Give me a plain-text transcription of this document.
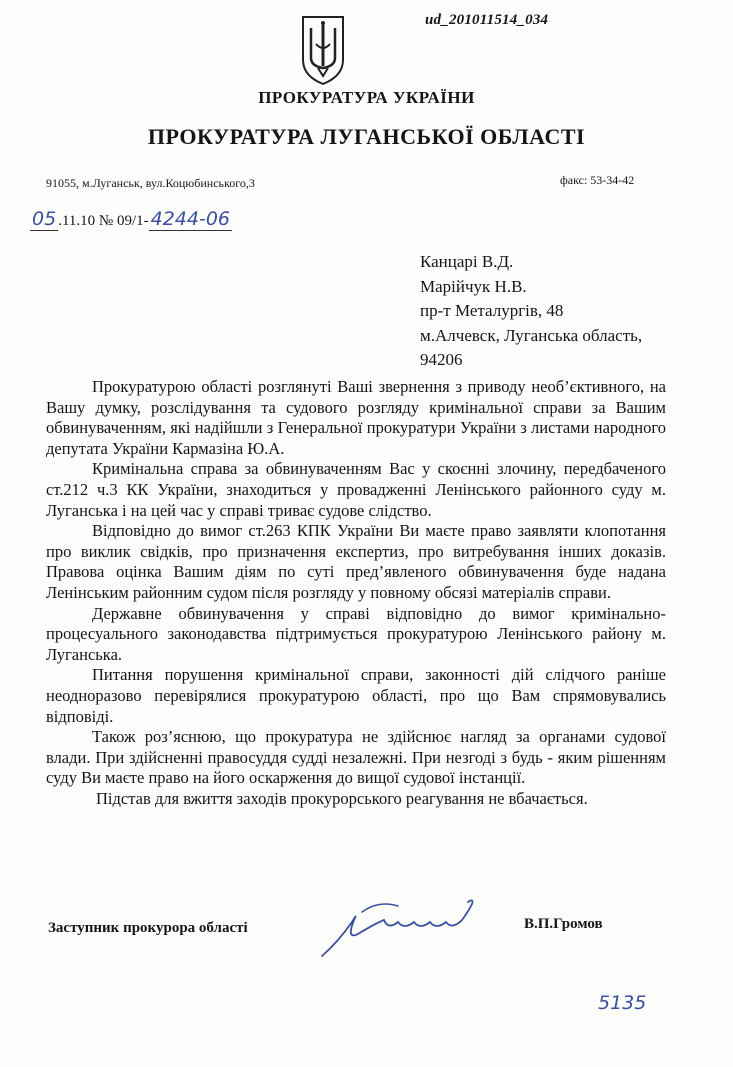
ud_201011514_034
ПРОКУРАТУРА УКРАЇНИ
ПРОКУРАТУРА ЛУГАНСЬКОЇ ОБЛАСТІ
91055, м.Луганськ, вул.Коцюбинського,3	факс: 53-34-42
05 .11.10 № 09/1- 4244-06
Канцарі В.Д.
Марійчук Н.В.
пр-т Металургів, 48
м.Алчевск, Луганська область,
94206

Прокуратурою області розглянуті Ваші звернення з приводу необ’єктивного, на Вашу думку, розслідування та судового розгляду кримінальної справи за Вашим обвинуваченням, які надійшли з Генеральної прокуратури України з листами народного депутата України Кармазіна Ю.А.

Кримінальна справа за обвинуваченням Вас у скоєнні злочину, передбаченого ст.212 ч.3 КК України, знаходиться у провадженні Ленінського районного суду м. Луганська і на цей час у справі триває судове слідство.

Відповідно до вимог ст.263 КПК України Ви маєте право заявляти клопотання про виклик свідків, про призначення експертиз, про витребування інших доказів. Правова оцінка Вашим діям по суті пред’явленого обвинувачення буде надана Ленінським районним судом після розгляду у повному обсязі матеріалів справи.

Державне обвинувачення у справі відповідно до вимог кримінально-процесуального законодавства підтримується прокуратурою Ленінського району м. Луганська.

Питання порушення кримінальної справи, законності дій слідчого раніше неодноразово перевірялися прокуратурою області, про що Вам спрямовувались відповіді.

Також роз’яснюю, що прокуратура не здійснює нагляд за органами судової влади. При здійсненні правосуддя судді незалежні. При незгоді з будь - яким рішенням суду Ви маєте право на його оскарження до вищої судової інстанції.

Підстав для вжиття заходів прокурорського реагування не вбачається.

Заступник прокурора області	В.П.Громов
5135
